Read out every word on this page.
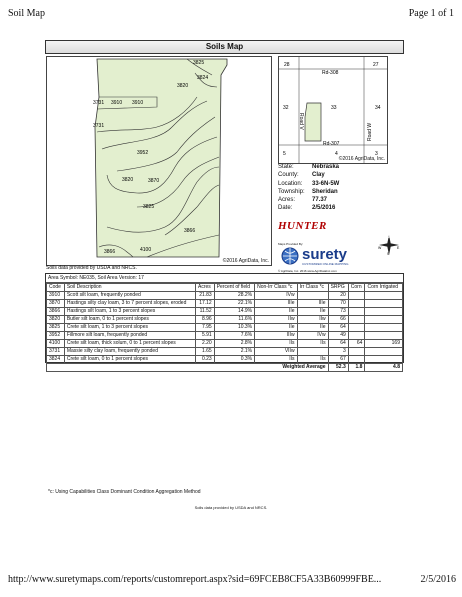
Soil Map	Page 1 of 1
Soils Map
3825
3824
3820
3731 3910 3910
3731
3952
3820	3870
3825
3866
3866	4100
©2016 AgriData, Inc.
Soils data provided by USDA and NRCS.
28	27
Rd-308
32	33	34
Rd-307
5	4	3
Road W
Road V
©2016 AgriData, Inc.
State:	Nebraska
County:	Clay
Location:	33-6N-5W
Township:	Sheridan
Acres:	77.37
Date:	2/5/2016
HUNTER
Maps Provided By:
surety
CUSTOMIZED ONLINE MAPPING
© AgriData, Inc. 2016 www.AgriDataInc.com
N
S
E
W
Area Symbol: NE035, Soil Area Version: 17
Code	Soil Description	Acres	Percent of field	Non-Irr Class *c	Irr Class *c	SRPG	Corn	Corn Irrigated
3910	Scott silt loam, frequently ponded	21.83	28.2%	IVw		20		
3870	Hastings silty clay loam, 3 to 7 percent slopes, eroded	17.12	22.1%	IIIe	IIIe	70		
3866	Hastings silt loam, 1 to 3 percent slopes	11.52	14.9%	IIe	IIe	73		
3820	Butler silt loam, 0 to 1 percent slopes	8.96	11.6%	IIw	IIw	66		
3825	Crete silt loam, 1 to 3 percent slopes	7.95	10.3%	IIe	IIe	64		
3952	Fillmore silt loam, frequently ponded	5.91	7.6%	IIIw	IVw	49		
4100	Crete silt loam, thick solum, 0 to 1 percent slopes	2.20	2.8%	IIs	IIs	64	64	169
3731	Massie silty clay loam, frequently ponded	1.65	2.1%	VIIw		3		
3824	Crete silt loam, 0 to 1 percent slopes	0.23	0.3%	IIs	IIs	67		
Weighted Average						52.3	1.8	4.8
*c: Using Capabilities Class Dominant Condition Aggregation Method
Soils data provided by USDA and NRCS.
http://www.suretymaps.com/reports/customreport.aspx?sid=69FCEB8CF5A33B60999FBE...	2/5/2016
